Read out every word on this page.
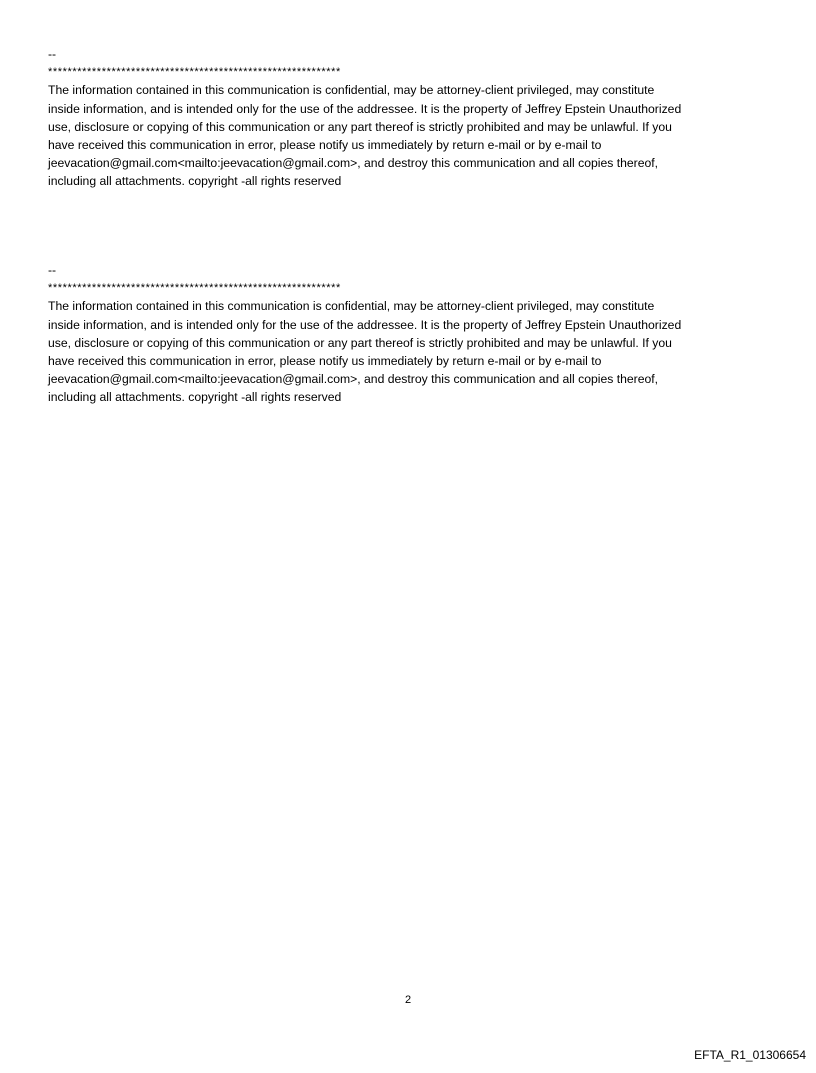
--
************************************************************
The information contained in this communication is confidential, may be attorney-client privileged, may constitute
inside information, and is intended only for the use of the addressee. It is the property of Jeffrey Epstein Unauthorized
use, disclosure or copying of this communication or any part thereof is strictly prohibited and may be unlawful. If you
have received this communication in error, please notify us immediately by return e-mail or by e-mail to
jeevacation@gmail.com<mailto:jeevacation@gmail.com>, and destroy this communication and all copies thereof,
including all attachments. copyright -all rights reserved
--
************************************************************
The information contained in this communication is confidential, may be attorney-client privileged, may constitute
inside information, and is intended only for the use of the addressee. It is the property of Jeffrey Epstein Unauthorized
use, disclosure or copying of this communication or any part thereof is strictly prohibited and may be unlawful. If you
have received this communication in error, please notify us immediately by return e-mail or by e-mail to
jeevacation@gmail.com<mailto:jeevacation@gmail.com>, and destroy this communication and all copies thereof,
including all attachments. copyright -all rights reserved
2
EFTA_R1_01306654
